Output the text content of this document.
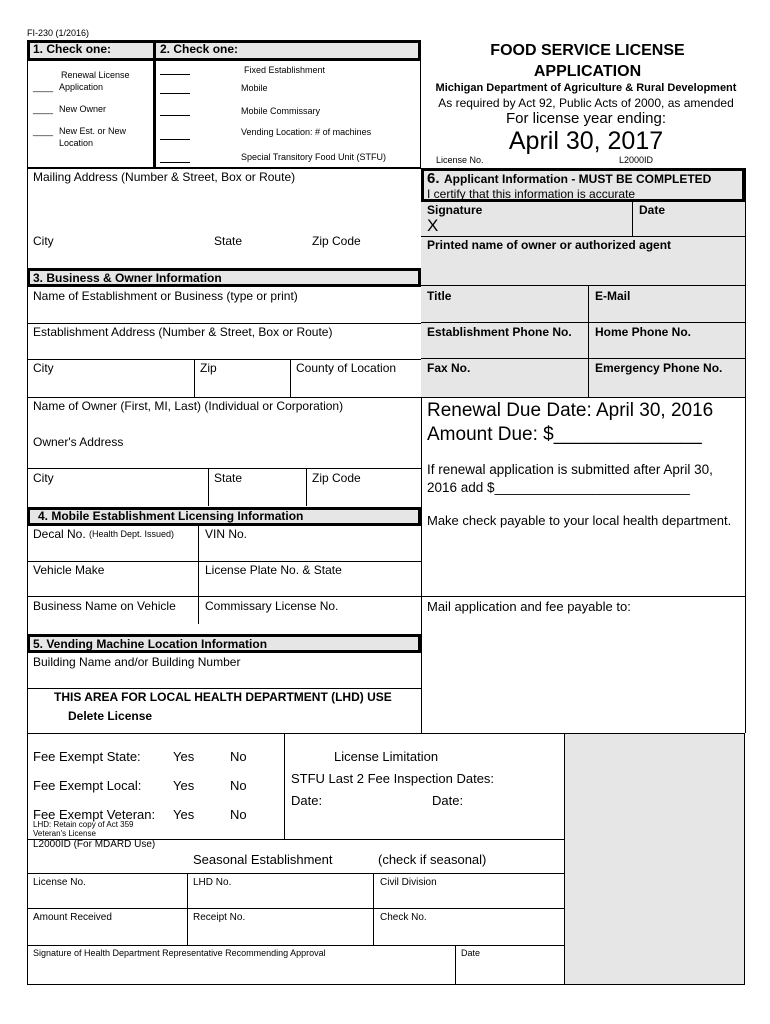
FI-230 (1/2016)
1. Check one:	2. Check one:
Renewal License
____ Application
____ New Owner
____ New Est. or New
Location
Fixed Establishment
Mobile
Mobile Commissary
Vending Location: # of machines
Special Transitory Food Unit (STFU)
FOOD SERVICE LICENSE
APPLICATION
Michigan Department of Agriculture & Rural Development
As required by Act 92, Public Acts of 2000, as amended
For license year ending:
April 30, 2017
License No.	L2000ID
Mailing Address (Number & Street, Box or Route)
City	State	Zip Code
3. Business & Owner Information
Name of Establishment or Business (type or print)
Establishment Address (Number & Street, Box or Route)
City	Zip	County of Location
Name of Owner (First, MI, Last) (Individual or Corporation)
Owner's Address
City	State	Zip Code
4. Mobile Establishment Licensing Information
Decal No. (Health Dept. Issued)	VIN No.
Vehicle Make	License Plate No. & State
Business Name on Vehicle Commissary License No.
5. Vending Machine Location Information
Building Name and/or Building Number
THIS AREA FOR LOCAL HEALTH DEPARTMENT (LHD) USE
Delete License
6. Applicant Information - MUST BE COMPLETED
I certify that this information is accurate
Signature	Date
X
Printed name of owner or authorized agent
Title	E-Mail
Establishment Phone No. Home Phone No.
Fax No.	Emergency Phone No.
Renewal Due Date: April 30, 2016
Amount Due: $______________
If renewal application is submitted after April 30,
2016 add $__________________________
Make check payable to your local health department.
Mail application and fee payable to:
Fee Exempt State: Yes	No
Fee Exempt Local: Yes	No
Fee Exempt Veteran: Yes	No
LHD: Retain copy of Act 359
Veteran's License
License Limitation
STFU Last 2 Fee Inspection Dates:
Date:	Date:
L2000ID (For MDARD Use)
Seasonal Establishment	(check if seasonal)
License No.	LHD No.	Civil Division
Amount Received	Receipt No.	Check No.
Signature of Health Department Representative Recommending Approval	Date
